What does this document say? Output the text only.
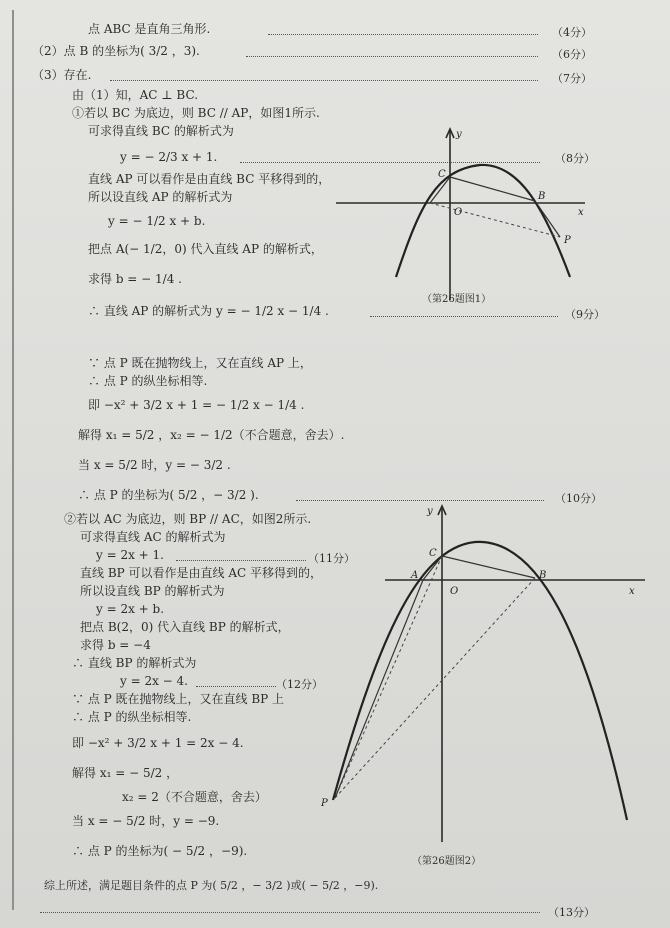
点 ABC 是直角三角形.	（4分）
（2）点 B 的坐标为( 3/2 ，3).	（6分）
（3）存在.	（7分）
由（1）知，AC ⊥ BC.
①若以 BC 为底边，则 BC // AP，如图1所示.
可求得直线 BC 的解析式为
y = − 2/3 x + 1.	（8分）
直线 AP 可以看作是由直线 BC 平移得到的，
所以设直线 AP 的解析式为
y = − 1/2 x + b.
把点 A(− 1/2，0) 代入直线 AP 的解析式，
求得 b = − 1/4 .
∴ 直线 AP 的解析式为 y = − 1/2 x − 1/4 .	（9分）
y
x
C
O
B
P
（第26题图1）
∵ 点 P 既在抛物线上，又在直线 AP 上，
∴ 点 P 的纵坐标相等.
即 −x² + 3/2 x + 1 = − 1/2 x − 1/4 .
解得 x₁ = 5/2 ，x₂ = − 1/2（不合题意，舍去）.
当 x = 5/2 时，y = − 3/2 .
∴ 点 P 的坐标为( 5/2 ，− 3/2 ).	（10分）
②若以 AC 为底边，则 BP // AC，如图2所示.
可求得直线 AC 的解析式为
y = 2x + 1.	（11分）
直线 BP 可以看作是由直线 AC 平移得到的，
所以设直线 BP 的解析式为
y = 2x + b.
把点 B(2，0) 代入直线 BP 的解析式，
求得 b = −4
∴ 直线 BP 的解析式为
y = 2x − 4.	（12分）
∵ 点 P 既在抛物线上，又在直线 BP 上
∴ 点 P 的纵坐标相等.
即 −x² + 3/2 x + 1 = 2x − 4.
解得 x₁ = − 5/2 ，
x₂ = 2（不合题意，舍去）
当 x = − 5/2 时，y = −9.
∴ 点 P 的坐标为( − 5/2 ，−9).
y
x
C
A
O
B
P
（第26题图2）
综上所述，满足题目条件的点 P 为( 5/2 ，− 3/2 )或( − 5/2 ，−9).
（13分）
